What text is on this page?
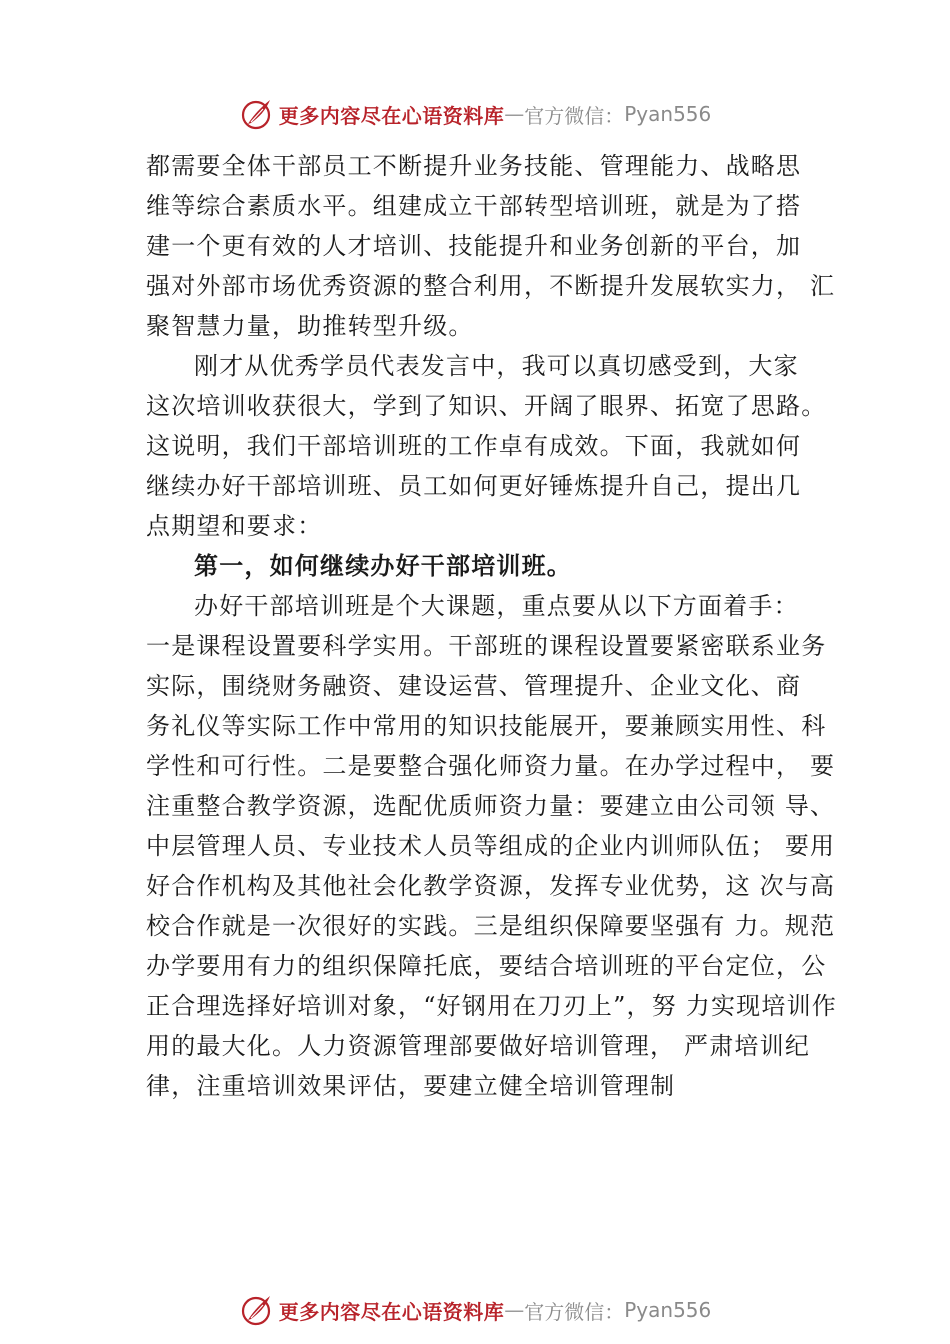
更多内容尽在心语资料库 — 官方微信： Pyan556
都需要全体干部员工不断提升业务技能、管理能力、战略思
维等综合素质水平。组建成立干部转型培训班，就是为了搭
建一个更有效的人才培训、技能提升和业务创新的平台，加
强对外部市场优秀资源的整合利用，不断提升发展软实力， 汇
聚智慧力量，助推转型升级。
刚才从优秀学员代表发言中，我可以真切感受到，大家
这次培训收获很大，学到了知识、开阔了眼界、拓宽了思路。
这说明，我们干部培训班的工作卓有成效。下面，我就如何
继续办好干部培训班、员工如何更好锤炼提升自己，提出几
点期望和要求：
第一，如何继续办好干部培训班。
办好干部培训班是个大课题，重点要从以下方面着手：
一是课程设置要科学实用。干部班的课程设置要紧密联系业务
实际，围绕财务融资、建设运营、管理提升、企业文化、商
务礼仪等实际工作中常用的知识技能展开，要兼顾实用性、科
学性和可行性。二是要整合强化师资力量。在办学过程中， 要
注重整合教学资源，选配优质师资力量：要建立由公司领 导、
中层管理人员、专业技术人员等组成的企业内训师队伍； 要用
好合作机构及其他社会化教学资源，发挥专业优势，这 次与高
校合作就是一次很好的实践。三是组织保障要坚强有 力。规范
办学要用有力的组织保障托底，要结合培训班的平台定位，公
正合理选择好培训对象，“好钢用在刀刃上”，努 力实现培训作
用的最大化。人力资源管理部要做好培训管理， 严肃培训纪
律，注重培训效果评估，要建立健全培训管理制
更多内容尽在心语资料库 — 官方微信： Pyan556
